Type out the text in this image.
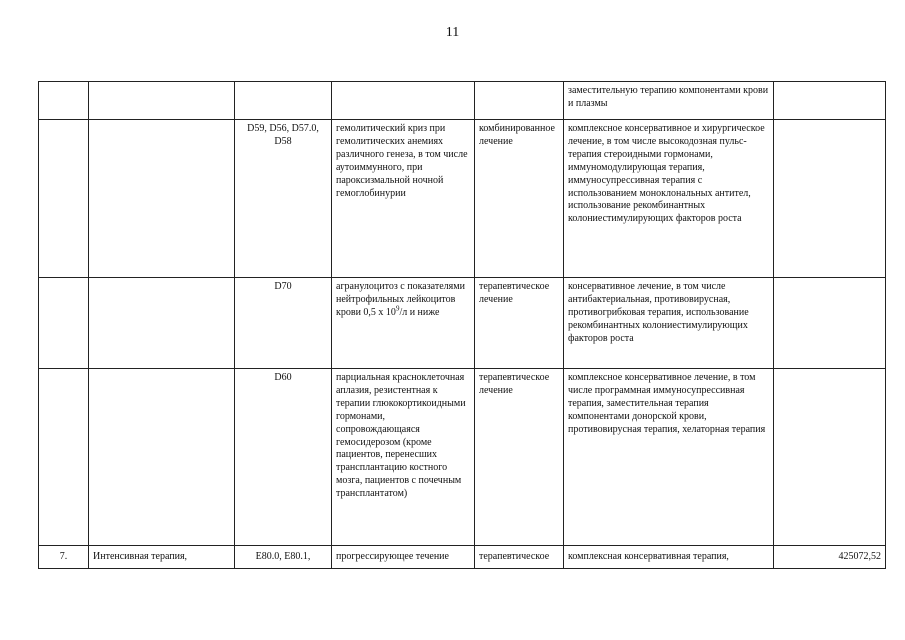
11
					заместительную терапию компонентами крови и плазмы	
		D59, D56, D57.0, D58	гемолитический криз при гемолитических анемиях различного генеза, в том числе аутоиммунного, при пароксизмальной ночной гемоглобинурии	комбинированное лечение	комплексное консервативное и хирургическое лечение, в том числе высокодозная пульс-терапия стероидными гормонами, иммуномодулирующая терапия, иммуносупрессивная терапия с использованием моноклональных антител, использование рекомбинантных колониестимулирующих факторов роста	
		D70	агранулоцитоз с показателями нейтрофильных лейкоцитов крови 0,5 х $10^9/л$ и ниже	терапевтическое лечение	консервативное лечение, в том числе антибактериальная, противовирусная, противогрибковая терапия, использование рекомбинантных колониестимулирующих факторов роста	
		D60	парциальная красноклеточная аплазия, резистентная к терапии глюкокортикоидными гормонами, сопровождающаяся гемосидерозом (кроме пациентов, перенесших трансплантацию костного мозга, пациентов с почечным трансплантатом)	терапевтическое лечение	комплексное консервативное лечение, в том числе программная иммуносупрессивная терапия, заместительная терапия компонентами донорской крови, противовирусная терапия, хелаторная терапия	
7.	Интенсивная терапия,	E80.0, E80.1,	прогрессирующее течение	терапевтическое	комплексная консервативная терапия,	425072,52
